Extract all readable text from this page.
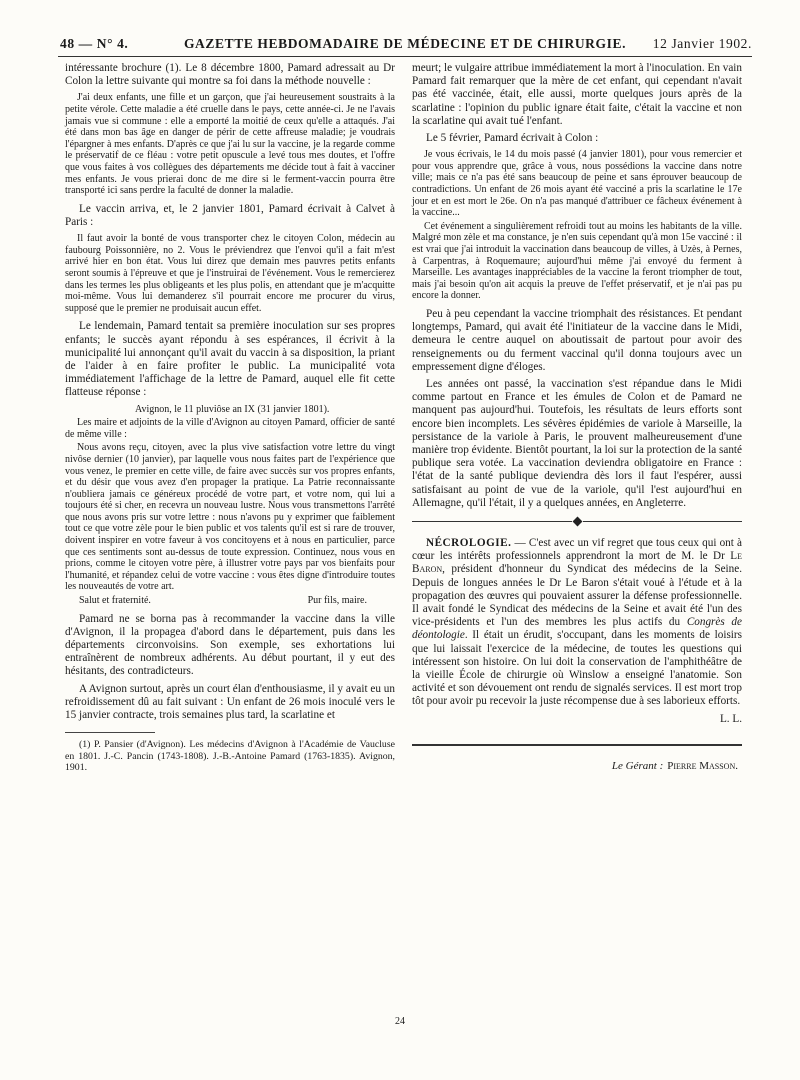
48 — N° 4.	GAZETTE HEBDOMADAIRE DE MÉDECINE ET DE CHIRURGIE.	12 Janvier 1902.

intéressante brochure (1). Le 8 décembre 1800, Pamard adressait au Dr Colon la lettre suivante qui montre sa foi dans la méthode nouvelle :

J'ai deux enfants, une fille et un garçon, que j'ai heureusement soustraits à la petite vérole. Cette maladie a été cruelle dans le pays, cette année-ci. Je ne l'avais jamais vue si commune : elle a emporté la moitié de ceux qu'elle a attaqués. J'ai été dans mon bas âge en danger de périr de cette affreuse maladie; je voudrais l'épargner à mes enfants. D'après ce que j'ai lu sur la vaccine, je la regarde comme le préservatif de ce fléau : votre petit opuscule a levé tous mes doutes, et l'offre que vous faites à vos collègues des départements me décide tout à fait à vacciner mes enfants. Je vous prierai donc de me dire si le ferment-vaccin pourra être transporté ici sans perdre la faculté de donner la maladie.

Le vaccin arriva, et, le 2 janvier 1801, Pamard écrivait à Calvet à Paris :

Il faut avoir la bonté de vous transporter chez le citoyen Colon, médecin au faubourg Poissonnière, no 2. Vous le préviendrez que l'envoi qu'il a fait m'est arrivé hier en bon état. Vous lui direz que demain mes pauvres petits enfants seront soumis à l'épreuve et que je l'instruirai de l'événement. Vous le remercierez dans les termes les plus obligeants et les plus polis, en attendant que je m'acquitte moi-même. Vous lui demanderez s'il pourrait encore me procurer du virus, supposé que le premier ne produisait aucun effet.

Le lendemain, Pamard tentait sa première inoculation sur ses propres enfants; le succès ayant répondu à ses espérances, il écrivit à la municipalité lui annonçant qu'il avait du vaccin à sa disposition, la priant de l'aider à en faire profiter le public. La municipalité vota immédiatement l'affichage de la lettre de Pamard, auquel elle fit cette flatteuse réponse :

Avignon, le 11 pluviôse an IX (31 janvier 1801).

Les maire et adjoints de la ville d'Avignon au citoyen Pamard, officier de santé de même ville :

Nous avons reçu, citoyen, avec la plus vive satisfaction votre lettre du vingt nivôse dernier (10 janvier), par laquelle vous nous faites part de l'expérience que vous venez, le premier en cette ville, de faire avec succès sur vos propres enfants, et du désir que vous avez d'en propager la pratique. La Patrie reconnaissante n'oubliera jamais ce généreux procédé de votre part, et votre nom, qui lui a toujours été si cher, en recevra un nouveau lustre. Nous vous transmettons l'arrêté que nous avons pris sur votre lettre : nous n'avons pu y exprimer que faiblement tout ce que votre zèle pour le bien public et vos talents qu'il est si rare de trouver, doivent inspirer en votre faveur à vos concitoyens et à nous en particulier, parce que ces sentiments sont au-dessus de toute expression. Continuez, nous vous en prions, comme le citoyen votre père, à illustrer votre pays par vos bienfaits pour l'humanité, et répandez celui de votre vaccine : vous êtes digne d'introduire toutes les nouveautés de votre art.

Salut et fraternité.	Pur fils, maire.

Pamard ne se borna pas à recommander la vaccine dans la ville d'Avignon, il la propagea d'abord dans le département, puis dans les départements circonvoisins. Son exemple, ses exhortations lui entraînèrent de nombreux adhérents. Au début pourtant, il y eut des hésitants, des contradicteurs.

A Avignon surtout, après un court élan d'enthousiasme, il y avait eu un refroidissement dû au fait suivant : Un enfant de 26 mois inoculé vers le 15 janvier contracte, trois semaines plus tard, la scarlatine et

(1) P. Pansier (d'Avignon). Les médecins d'Avignon à l'Académie de Vaucluse en 1801. J.-C. Pancin (1743-1808). J.-B.-Antoine Pamard (1763-1835). Avignon, 1901.

meurt; le vulgaire attribue immédiatement la mort à l'inoculation. En vain Pamard fait remarquer que la mère de cet enfant, qui cependant n'avait pas été vaccinée, était, elle aussi, morte quelques jours après de la scarlatine : l'opinion du public ignare était faite, c'était la vaccine et non la scarlatine qui avait tué l'enfant.

Le 5 février, Pamard écrivait à Colon :

Je vous écrivais, le 14 du mois passé (4 janvier 1801), pour vous remercier et pour vous apprendre que, grâce à vous, nous possédions la vaccine dans notre ville; mais ce n'a pas été sans beaucoup de peine et sans éprouver beaucoup de contradictions. Un enfant de 26 mois ayant été vacciné a pris la scarlatine le 17e jour et en est mort le 26e. On n'a pas manqué d'attribuer ce fâcheux événement à la vaccine...

Cet événement a singulièrement refroidi tout au moins les habitants de la ville. Malgré mon zèle et ma constance, je n'en suis cependant qu'à mon 15e vacciné : il est vrai que j'ai introduit la vaccination dans beaucoup de villes, à Uzès, à Pernes, à Carpentras, à Roquemaure; aujourd'hui même j'ai envoyé du ferment à Marseille. Les avantages inappréciables de la vaccine la feront triompher de tout, mais j'ai besoin qu'on ait acquis la preuve de l'effet préservatif, et je n'ai pas pu encore la donner.

Peu à peu cependant la vaccine triomphait des résistances. Et pendant longtemps, Pamard, qui avait été l'initiateur de la vaccine dans le Midi, demeura le centre auquel on aboutissait de partout pour avoir des renseignements ou du ferment vaccinal qu'il donna toujours avec un empressement digne d'éloges.

Les années ont passé, la vaccination s'est répandue dans le Midi comme partout en France et les émules de Colon et de Pamard ne manquent pas aujourd'hui. Toutefois, les résultats de leurs efforts sont encore bien incomplets. Les sévères épidémies de variole à Marseille, la persistance de la variole à Paris, le prouvent malheureusement d'une manière trop évidente. Bientôt pourtant, la loi sur la protection de la santé publique sera votée. La vaccination deviendra obligatoire en France : l'état de la santé publique deviendra dès lors il faut l'espérer, aussi satisfaisant au point de vue de la variole, qu'il l'est aujourd'hui en Allemagne, qu'il l'était, il y a quelques années, en Angleterre.

NÉCROLOGIE. — C'est avec un vif regret que tous ceux qui ont à cœur les intérêts professionnels apprendront la mort de M. le Dr Le Baron, président d'honneur du Syndicat des médecins de la Seine. Depuis de longues années le Dr Le Baron s'était voué à l'étude et à la propagation des œuvres qui pouvaient assurer la défense professionnelle. Il avait fondé le Syndicat des médecins de la Seine et avait été l'un des vice-présidents et l'un des membres les plus actifs du Congrès de déontologie. Il était un érudit, s'occupant, dans les moments de loisirs que lui laissait l'exercice de la médecine, de toutes les questions qui intéressent son histoire. On lui doit la conservation de l'amphithéâtre de la vieille École de chirurgie où Winslow a enseigné l'anatomie. Son activité et son dévouement ont rendu de signalés services. Il est mort trop tôt pour avoir pu recevoir la juste récompense due à ses laborieux efforts.

L. L.

Le Gérant : Pierre Masson.

24
